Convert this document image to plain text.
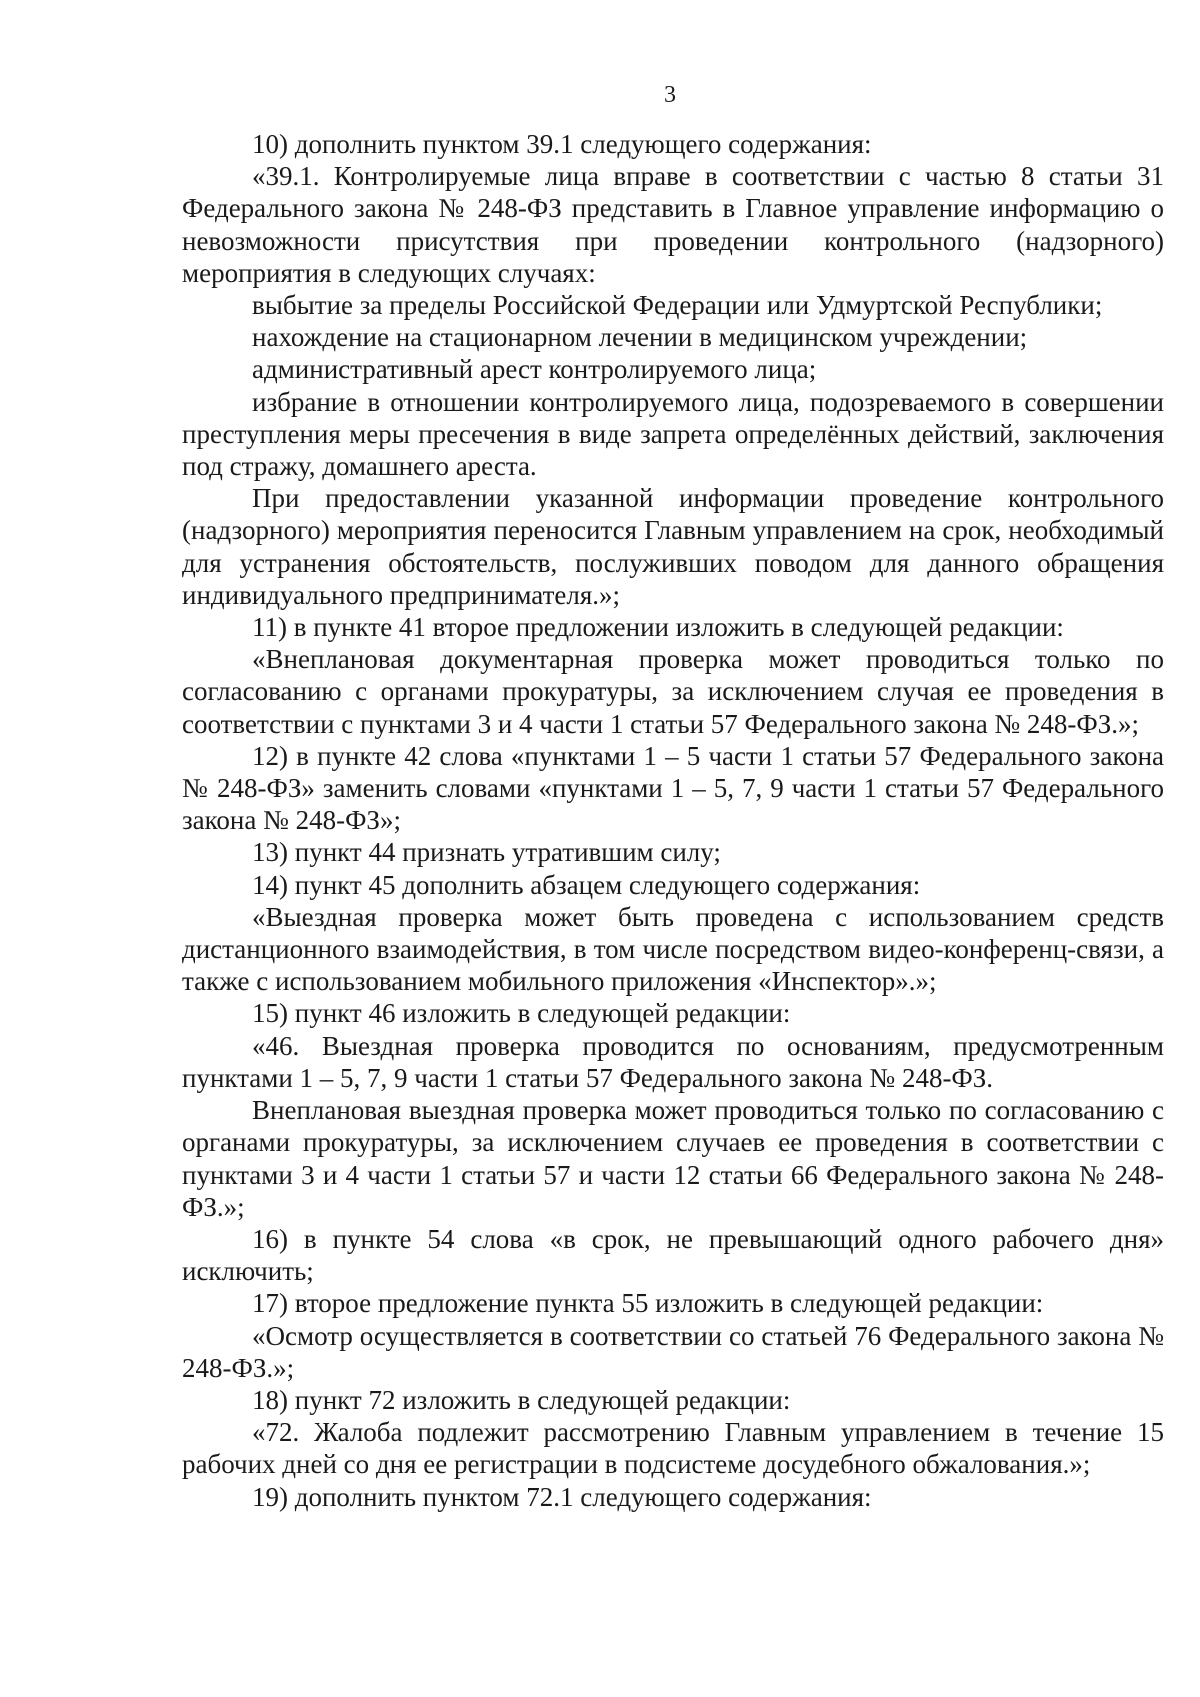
3

10) дополнить пунктом 39.1 следующего содержания:

«39.1. Контролируемые лица вправе в соответствии с частью 8 статьи 31 Федерального закона № 248-ФЗ представить в Главное управление информацию о невозможности присутствия при проведении контрольного (надзорного) мероприятия в следующих случаях:

выбытие за пределы Российской Федерации или Удмуртской Республики;

нахождение на стационарном лечении в медицинском учреждении;

административный арест контролируемого лица;

избрание в отношении контролируемого лица, подозреваемого в совершении преступления меры пресечения в виде запрета определённых действий, заключения под стражу, домашнего ареста.

При предоставлении указанной информации проведение контрольного (надзорного) мероприятия переносится Главным управлением на срок, необходимый для устранения обстоятельств, послуживших поводом для данного обращения индивидуального предпринимателя.»;

11) в пункте 41 второе предложении изложить в следующей редакции:

«Внеплановая документарная проверка может проводиться только по согласованию с органами прокуратуры, за исключением случая ее проведения в соответствии с пунктами 3 и 4 части 1 статьи 57 Федерального закона № 248-ФЗ.»;

12) в пункте 42 слова «пунктами 1 – 5 части 1 статьи 57 Федерального закона № 248-ФЗ» заменить словами «пунктами 1 – 5, 7, 9 части 1 статьи 57 Федерального закона № 248-ФЗ»;

13) пункт 44 признать утратившим силу;

14) пункт 45 дополнить абзацем следующего содержания:

«Выездная проверка может быть проведена с использованием средств дистанционного взаимодействия, в том числе посредством видео-конференц-связи, а также с использованием мобильного приложения «Инспектор».»;

15) пункт 46 изложить в следующей редакции:

«46. Выездная проверка проводится по основаниям, предусмотренным пунктами 1 – 5, 7, 9 части 1 статьи 57 Федерального закона № 248-ФЗ.

Внеплановая выездная проверка может проводиться только по согласованию с органами прокуратуры, за исключением случаев ее проведения в соответствии с пунктами 3 и 4 части 1 статьи 57 и части 12 статьи 66 Федерального закона № 248-ФЗ.»;

16) в пункте 54 слова «в срок, не превышающий одного рабочего дня» исключить;

17) второе предложение пункта 55 изложить в следующей редакции:

«Осмотр осуществляется в соответствии со статьей 76 Федерального закона № 248-ФЗ.»;

18) пункт 72 изложить в следующей редакции:

«72. Жалоба подлежит рассмотрению Главным управлением в течение 15 рабочих дней со дня ее регистрации в подсистеме досудебного обжалования.»;

19) дополнить пунктом 72.1 следующего содержания:
